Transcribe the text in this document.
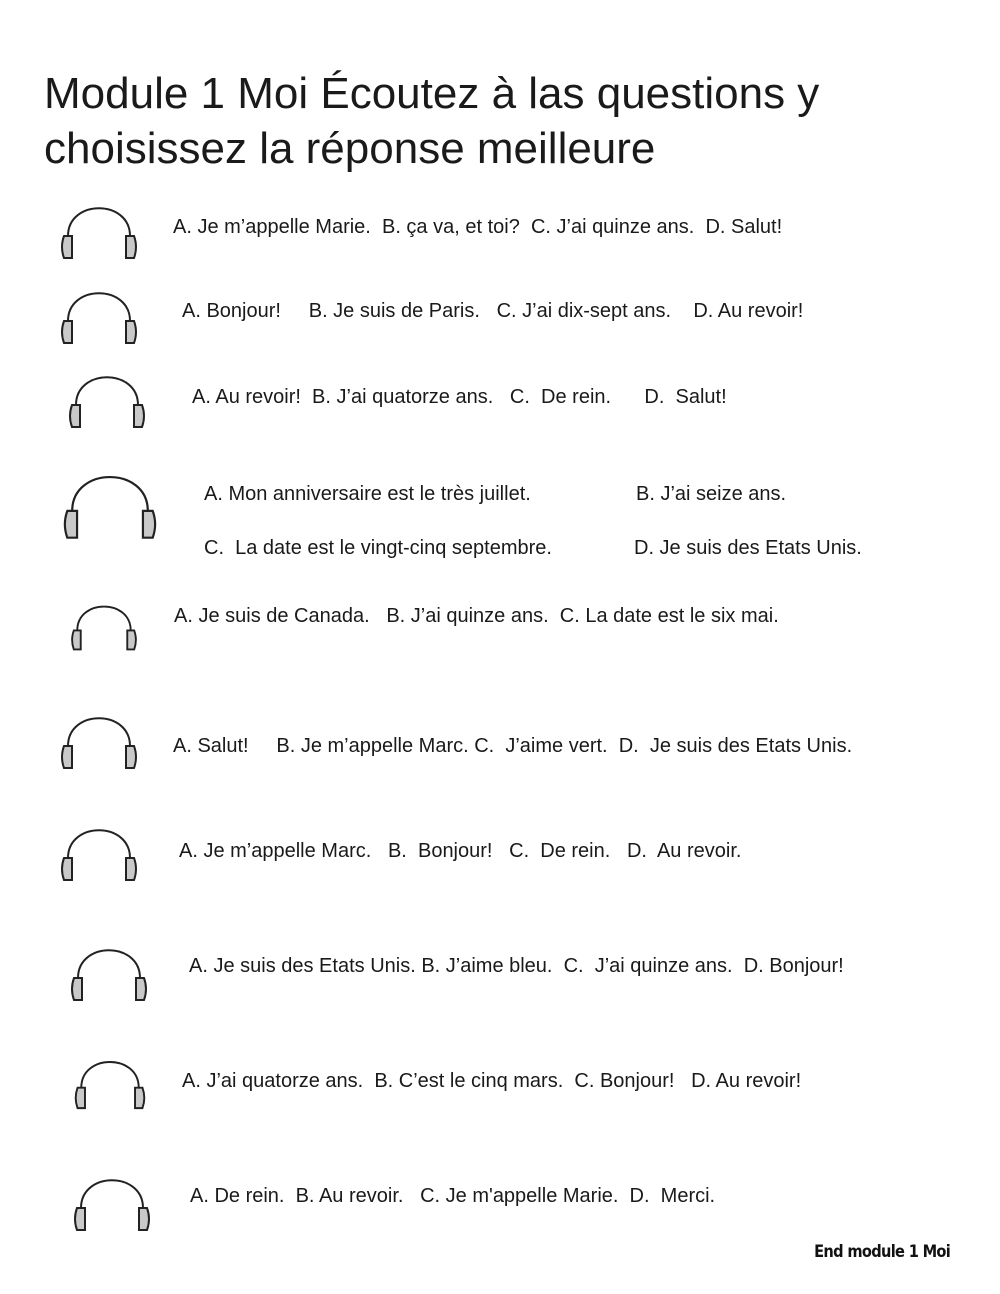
Module 1 Moi Écoutez à las questions y
choisissez la réponse meilleure
A. Je m’appelle Marie.  B. ça va, et toi?  C. J’ai quinze ans.  D. Salut!
A. Bonjour!     B. Je suis de Paris.   C. J’ai dix-sept ans.    D. Au revoir!
A. Au revoir!  B. J’ai quatorze ans.   C.  De rein.      D.  Salut!
A. Mon anniversaire est le très juillet.	B. J’ai seize ans.
C.  La date est le vingt-cinq septembre.	D. Je suis des Etats Unis.
A. Je suis de Canada.   B. J’ai quinze ans.  C. La date est le six mai.
A. Salut!     B. Je m’appelle Marc. C.  J’aime vert.  D.  Je suis des Etats Unis.
A. Je m’appelle Marc.   B.  Bonjour!   C.  De rein.   D.  Au revoir.
A. Je suis des Etats Unis. B. J’aime bleu.  C.  J’ai quinze ans.  D. Bonjour!
A. J’ai quatorze ans.  B. C’est le cinq mars.  C. Bonjour!   D. Au revoir!
A. De rein.  B. Au revoir.   C. Je m'appelle Marie.  D.  Merci.
End module 1 Moi
